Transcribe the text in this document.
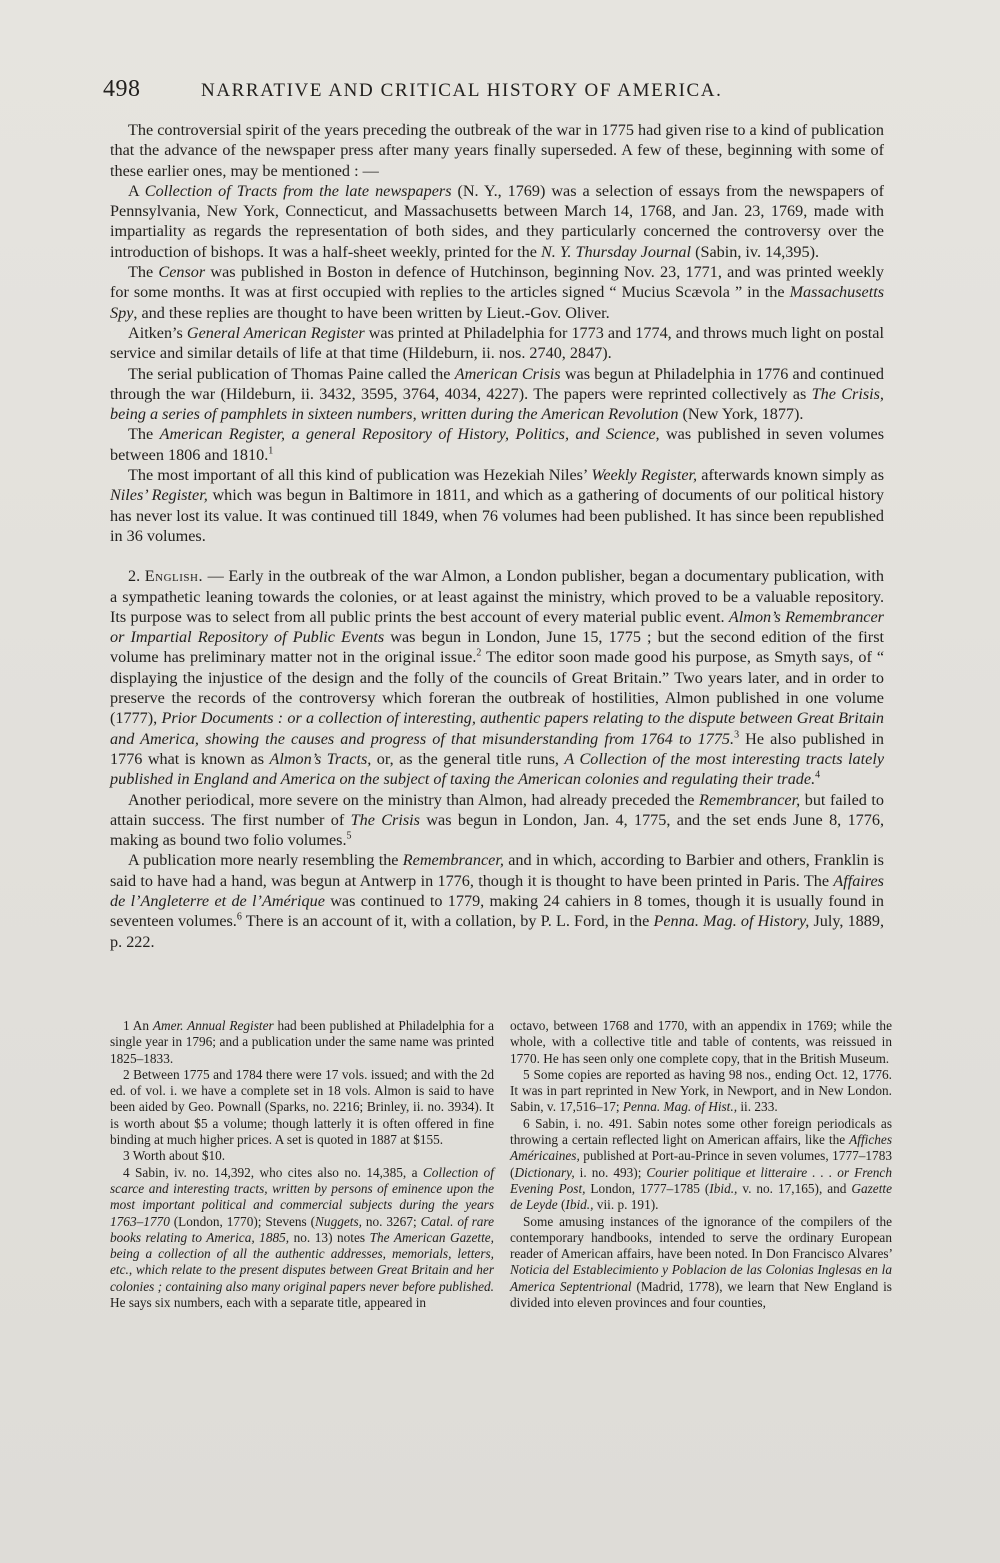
498	NARRATIVE AND CRITICAL HISTORY OF AMERICA.

The controversial spirit of the years preceding the outbreak of the war in 1775 had given rise to a kind of publication that the advance of the newspaper press after many years finally superseded. A few of these, beginning with some of these earlier ones, may be mentioned : —

A Collection of Tracts from the late newspapers (N. Y., 1769) was a selection of essays from the newspapers of Pennsylvania, New York, Connecticut, and Massachusetts between March 14, 1768, and Jan. 23, 1769, made with impartiality as regards the representation of both sides, and they particularly concerned the controversy over the introduction of bishops. It was a half-sheet weekly, printed for the N. Y. Thursday Journal (Sabin, iv. 14,395).

The Censor was published in Boston in defence of Hutchinson, beginning Nov. 23, 1771, and was printed weekly for some months. It was at first occupied with replies to the articles signed “ Mucius Scævola ” in the Massachusetts Spy, and these replies are thought to have been written by Lieut.-Gov. Oliver.

Aitken’s General American Register was printed at Philadelphia for 1773 and 1774, and throws much light on postal service and similar details of life at that time (Hildeburn, ii. nos. 2740, 2847).

The serial publication of Thomas Paine called the American Crisis was begun at Philadelphia in 1776 and continued through the war (Hildeburn, ii. 3432, 3595, 3764, 4034, 4227). The papers were reprinted collectively as The Crisis, being a series of pamphlets in sixteen numbers, written during the American Revolution (New York, 1877).

The American Register, a general Repository of History, Politics, and Science, was published in seven volumes between 1806 and 1810.$^1$

The most important of all this kind of publication was Hezekiah Niles’ Weekly Register, afterwards known simply as Niles’ Register, which was begun in Baltimore in 1811, and which as a gathering of documents of our political history has never lost its value. It was continued till 1849, when 76 volumes had been published. It has since been republished in 36 volumes.

2. English. — Early in the outbreak of the war Almon, a London publisher, began a documentary publication, with a sympathetic leaning towards the colonies, or at least against the ministry, which proved to be a valuable repository. Its purpose was to select from all public prints the best account of every material public event. Almon’s Remembrancer or Impartial Repository of Public Events was begun in London, June 15, 1775 ; but the second edition of the first volume has preliminary matter not in the original issue.$^2$ The editor soon made good his purpose, as Smyth says, of “ displaying the injustice of the design and the folly of the councils of Great Britain.” Two years later, and in order to preserve the records of the controversy which foreran the outbreak of hostilities, Almon published in one volume (1777), Prior Documents : or a collection of interesting, authentic papers relating to the dispute between Great Britain and America, showing the causes and progress of that misunderstanding from 1764 to 1775.$^3$ He also published in 1776 what is known as Almon’s Tracts, or, as the general title runs, A Collection of the most interesting tracts lately published in England and America on the subject of taxing the American colonies and regulating their trade.$^4$

Another periodical, more severe on the ministry than Almon, had already preceded the Remembrancer, but failed to attain success. The first number of The Crisis was begun in London, Jan. 4, 1775, and the set ends June 8, 1776, making as bound two folio volumes.$^5$

A publication more nearly resembling the Remembrancer, and in which, according to Barbier and others, Franklin is said to have had a hand, was begun at Antwerp in 1776, though it is thought to have been printed in Paris. The Affaires de l’Angleterre et de l’Amérique was continued to 1779, making 24 cahiers in 8 tomes, though it is usually found in seventeen volumes.$^6$ There is an account of it, with a collation, by P. L. Ford, in the Penna. Mag. of History, July, 1889, p. 222.

1 An Amer. Annual Register had been published at Philadelphia for a single year in 1796; and a publication under the same name was printed 1825–1833.

2 Between 1775 and 1784 there were 17 vols. issued; and with the 2d ed. of vol. i. we have a complete set in 18 vols. Almon is said to have been aided by Geo. Pownall (Sparks, no. 2216; Brinley, ii. no. 3934). It is worth about $5 a volume; though latterly it is often offered in fine binding at much higher prices. A set is quoted in 1887 at $155.

3 Worth about $10.

4 Sabin, iv. no. 14,392, who cites also no. 14,385, a Collection of scarce and interesting tracts, written by persons of eminence upon the most important political and commercial subjects during the years 1763–1770 (London, 1770); Stevens (Nuggets, no. 3267; Catal. of rare books relating to America, 1885, no. 13) notes The American Gazette, being a collection of all the authentic addresses, memorials, letters, etc., which relate to the present disputes between Great Britain and her colonies ; containing also many original papers never before published. He says six numbers, each with a separate title, appeared in

octavo, between 1768 and 1770, with an appendix in 1769; while the whole, with a collective title and table of contents, was reissued in 1770. He has seen only one complete copy, that in the British Museum.

5 Some copies are reported as having 98 nos., ending Oct. 12, 1776. It was in part reprinted in New York, in Newport, and in New London. Sabin, v. 17,516–17; Penna. Mag. of Hist., ii. 233.

6 Sabin, i. no. 491. Sabin notes some other foreign periodicals as throwing a certain reflected light on American affairs, like the Affiches Américaines, published at Port-au-Prince in seven volumes, 1777–1783 (Dictionary, i. no. 493); Courier politique et litteraire . . . or French Evening Post, London, 1777–1785 (Ibid., v. no. 17,165), and Gazette de Leyde (Ibid., vii. p. 191).

Some amusing instances of the ignorance of the compilers of the contemporary handbooks, intended to serve the ordinary European reader of American affairs, have been noted. In Don Francisco Alvares’ Noticia del Establecimiento y Poblacion de las Colonias Inglesas en la America Septentrional (Madrid, 1778), we learn that New England is divided into eleven provinces and four counties,
